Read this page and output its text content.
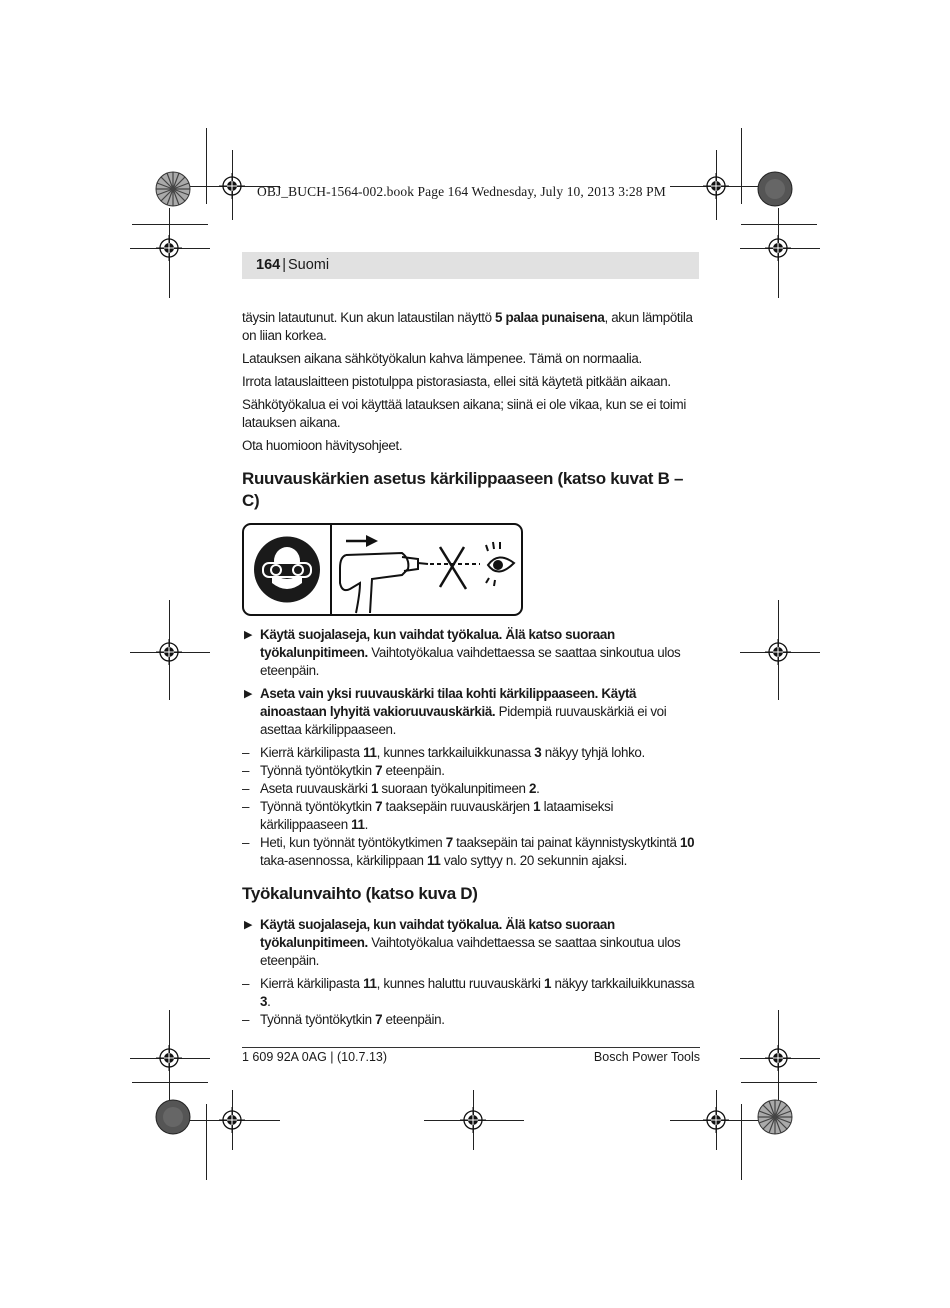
OBJ_BUCH-1564-002.book Page 164 Wednesday, July 10, 2013 3:28 PM
164 | Suomi

täysin latautunut. Kun akun lataustilan näyttö 5 palaa punaisena, akun lämpötila on liian korkea.

Latauksen aikana sähkötyökalun kahva lämpenee. Tämä on normaalia.

Irrota latauslaitteen pistotulppa pistorasiasta, ellei sitä käytetä pitkään aikaan.

Sähkötyökalua ei voi käyttää latauksen aikana; siinä ei ole vikaa, kun se ei toimi latauksen aikana.

Ota huomioon hävitysohjeet.

Ruuvauskärkien asetus kärkilippaaseen (katso kuvat B – C)
▶ Käytä suojalaseja, kun vaihdat työkalua. Älä katso suoraan työkalunpitimeen. Vaihtotyökalua vaihdettaessa se saattaa sinkoutua ulos eteenpäin.
▶ Aseta vain yksi ruuvauskärki tilaa kohti kärkilippaaseen. Käytä ainoastaan lyhyitä vakioruuvauskärkiä. Pidempiä ruuvauskärkiä ei voi asettaa kärkilippaaseen.
– Kierrä kärkilipasta 11, kunnes tarkkailuikkunassa 3 näkyy tyhjä lohko.
– Työnnä työntökytkin 7 eteenpäin.
– Aseta ruuvauskärki 1 suoraan työkalunpitimeen 2.
– Työnnä työntökytkin 7 taaksepäin ruuvauskärjen 1 lataamiseksi kärkilippaaseen 11.
– Heti, kun työnnät työntökytkimen 7 taaksepäin tai painat käynnistyskytkintä 10 taka-asennossa, kärkilippaan 11 valo syttyy n. 20 sekunnin ajaksi.
Työkalunvaihto (katso kuva D)
▶ Käytä suojalaseja, kun vaihdat työkalua. Älä katso suoraan työkalunpitimeen. Vaihtotyökalua vaihdettaessa se saattaa sinkoutua ulos eteenpäin.
– Kierrä kärkilipasta 11, kunnes haluttu ruuvauskärki 1 näkyy tarkkailuikkunassa 3.
– Työnnä työntökytkin 7 eteenpäin.
1 609 92A 0AG | (10.7.13)	Bosch Power Tools
